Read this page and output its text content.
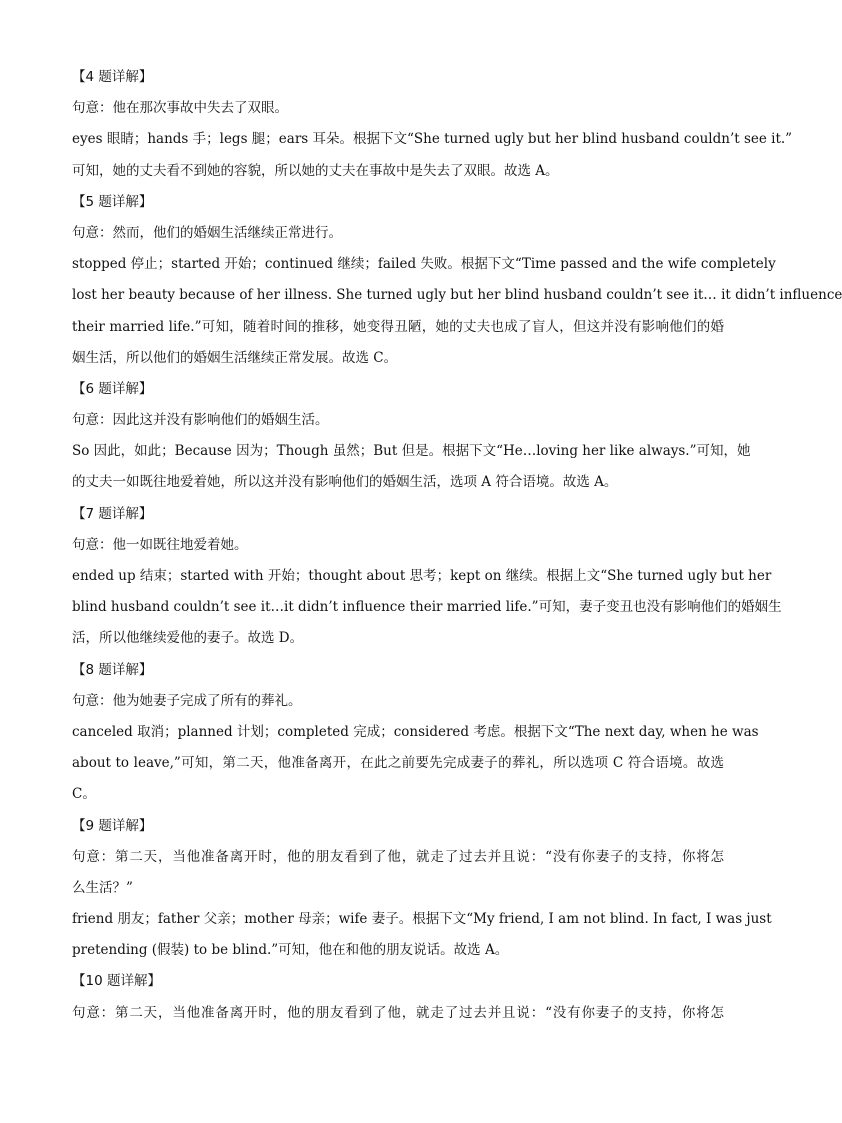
【4 题详解】
句意：他在那次事故中失去了双眼。
eyes 眼睛；hands 手；legs 腿；ears 耳朵。根据下文“She turned ugly but her blind husband couldn’t see it.”
可知，她的丈夫看不到她的容貌，所以她的丈夫在事故中是失去了双眼。故选 A。
【5 题详解】
句意：然而，他们的婚姻生活继续正常进行。
stopped 停止；started 开始；continued 继续；failed 失败。根据下文“Time passed and the wife completely
lost her beauty because of her illness. She turned ugly but her blind husband couldn’t see it… it didn’t influence
their married life.”可知，随着时间的推移，她变得丑陋，她的丈夫也成了盲人，但这并没有影响他们的婚
姻生活，所以他们的婚姻生活继续正常发展。故选 C。
【6 题详解】
句意：因此这并没有影响他们的婚姻生活。
So 因此，如此；Because 因为；Though 虽然；But 但是。根据下文“He…loving her like always.”可知，她
的丈夫一如既往地爱着她，所以这并没有影响他们的婚姻生活，选项 A 符合语境。故选 A。
【7 题详解】
句意：他一如既往地爱着她。
ended up 结束；started with 开始；thought about 思考；kept on 继续。根据上文“She turned ugly but her
blind husband couldn’t see it…it didn’t influence their married life.”可知，妻子变丑也没有影响他们的婚姻生
活，所以他继续爱他的妻子。故选 D。
【8 题详解】
句意：他为她妻子完成了所有的葬礼。
canceled 取消；planned 计划；completed 完成；considered 考虑。根据下文“The next day, when he was
about to leave,”可知，第二天，他准备离开，在此之前要先完成妻子的葬礼，所以选项 C 符合语境。故选
C。
【9 题详解】
句意：第二天，当他准备离开时，他的朋友看到了他，就走了过去并且说：“没有你妻子的支持，你将怎
么生活？”
friend 朋友；father 父亲；mother 母亲；wife 妻子。根据下文“My friend, I am not blind. In fact, I was just
pretending (假装) to be blind.”可知，他在和他的朋友说话。故选 A。
【10 题详解】
句意：第二天，当他准备离开时，他的朋友看到了他，就走了过去并且说：“没有你妻子的支持，你将怎
